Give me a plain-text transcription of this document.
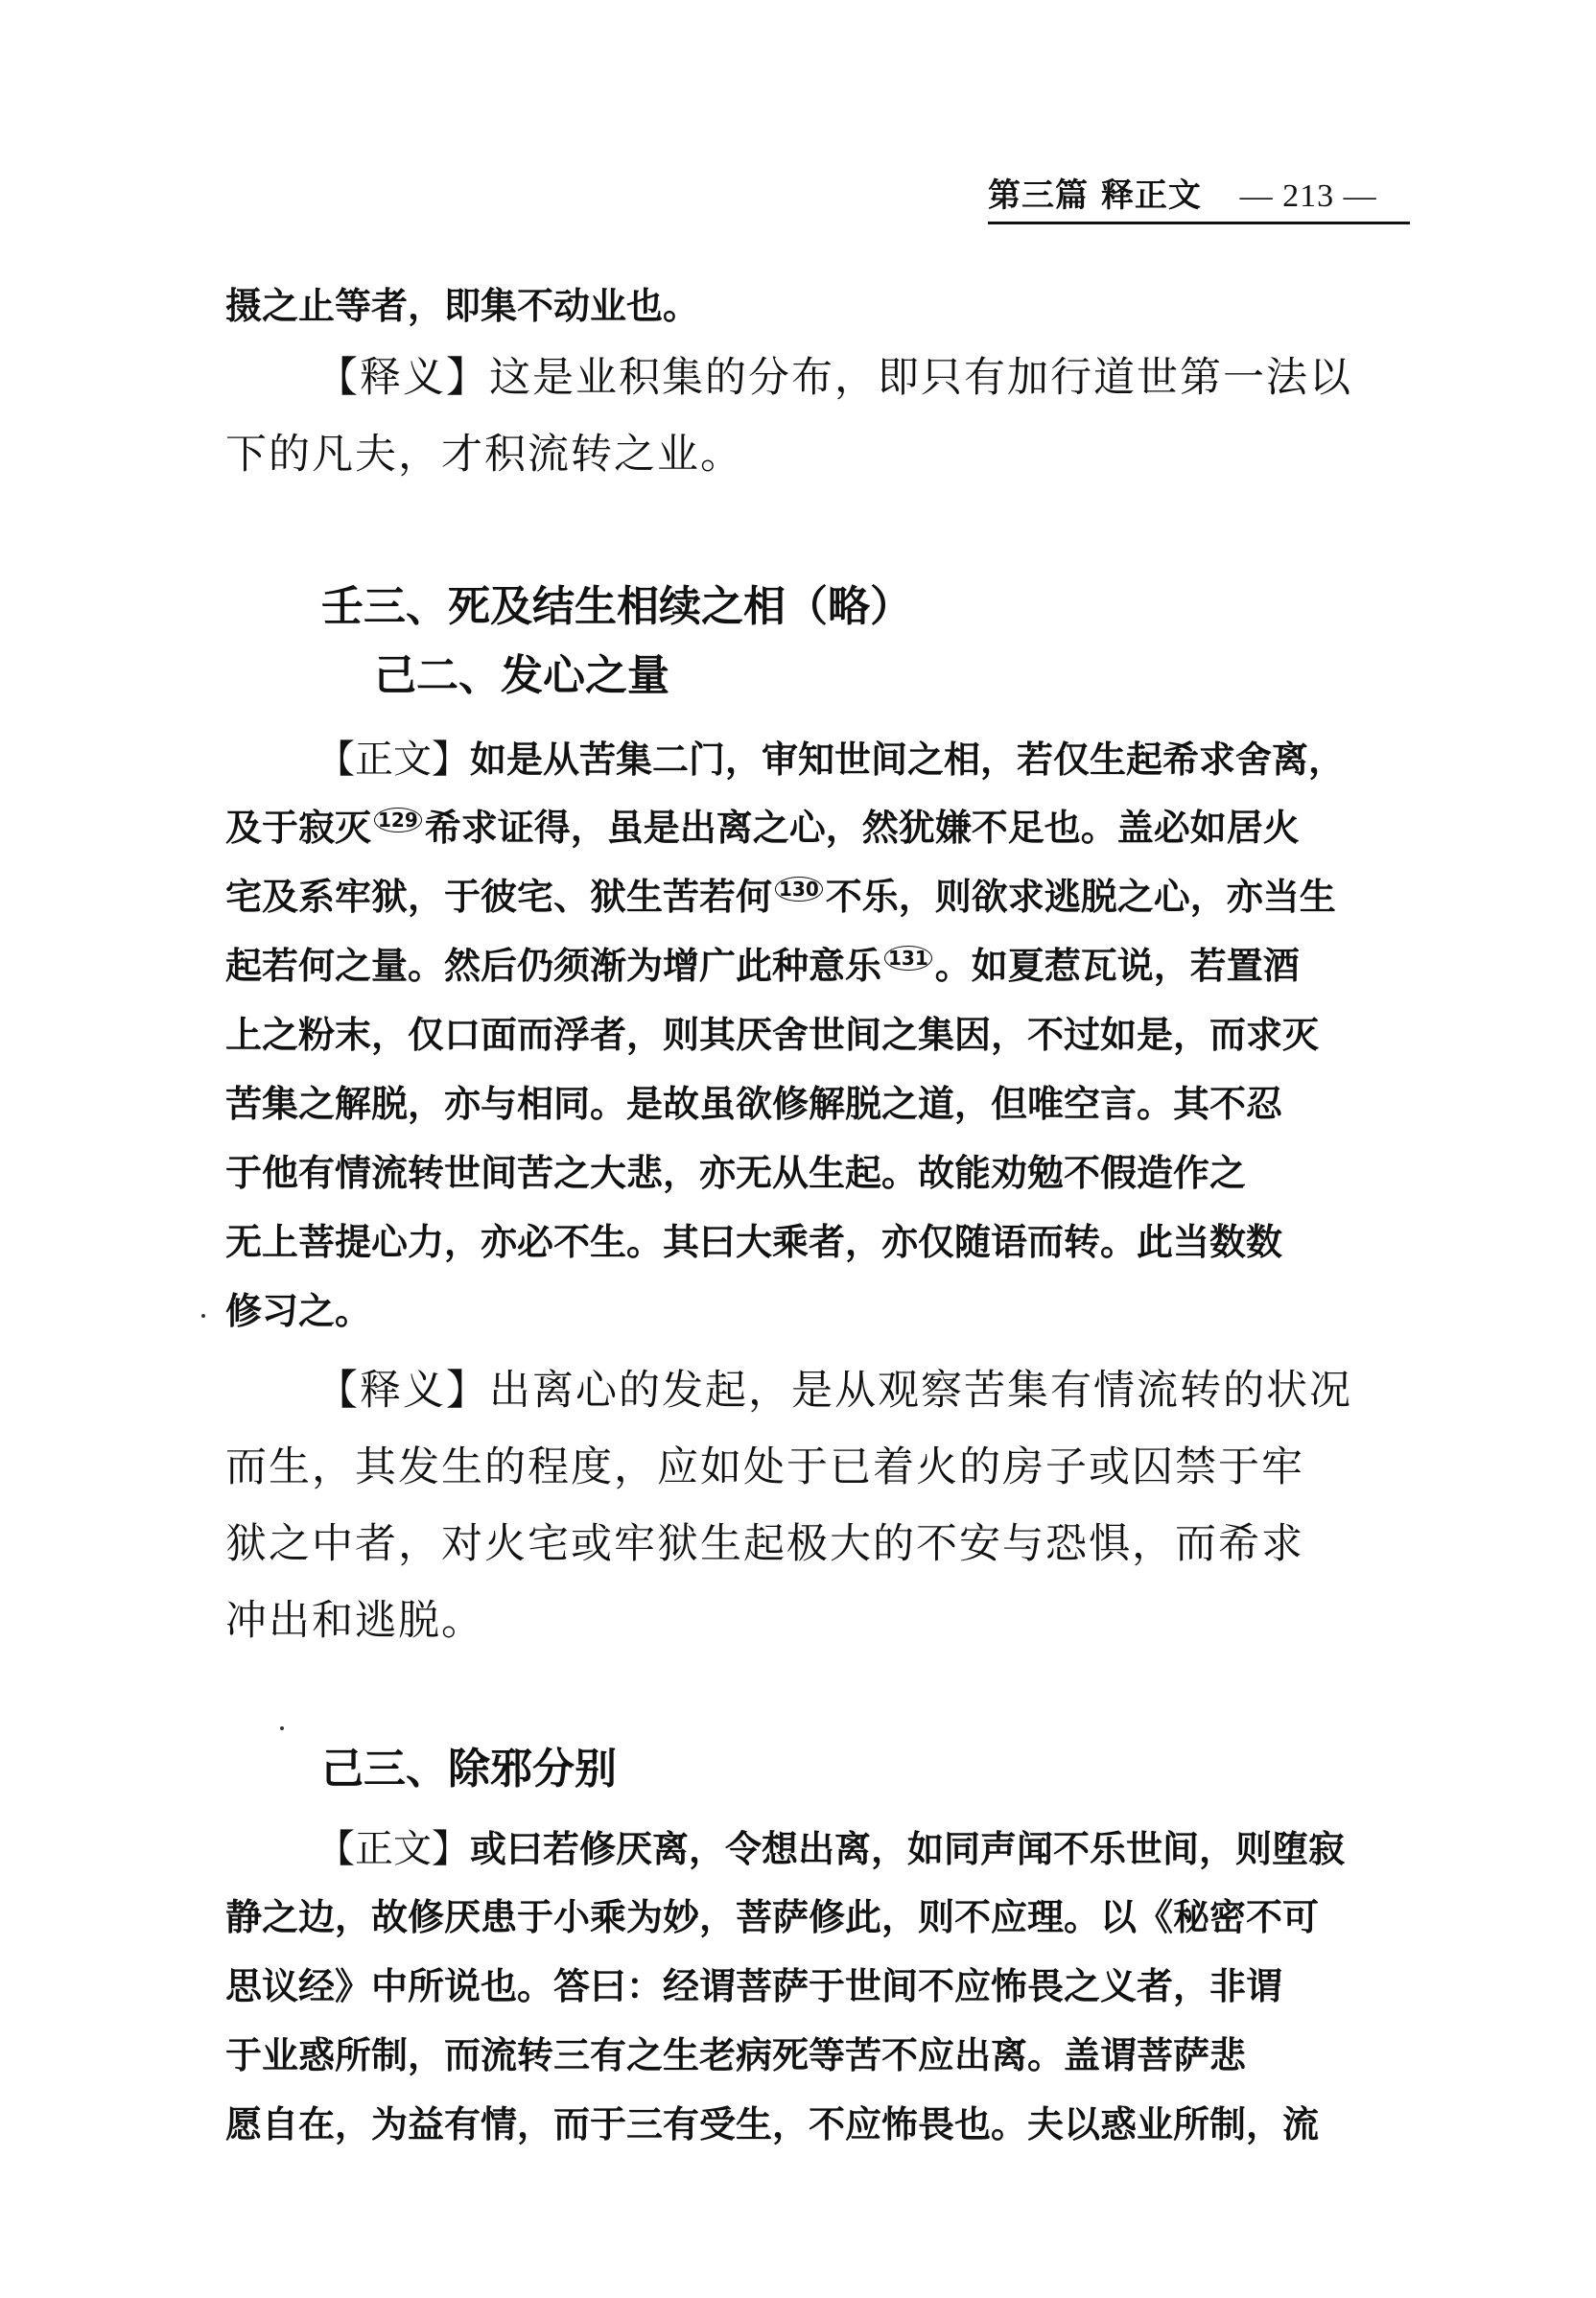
第三篇 释正文 — 213 —

摄之止等者，即集不动业也。

【释义】这是业积集的分布，即只有加行道世第一法以

下的凡夫，才积流转之业。

壬三、死及结生相续之相（略）
己二、发心之量

【正文】如是从苦集二门，审知世间之相，若仅生起希求舍离，

及于寂灭 $^{129}$ 希求证得，虽是出离之心，然犹嫌不足也。盖必如居火

宅及系牢狱，于彼宅、狱生苦若何 $^{130}$ 不乐，则欲求逃脱之心，亦当生

起若何之量。然后仍须渐为增广此种意乐 $^{131}$ 。如夏惹瓦说，若置酒

上之粉末，仅口面而浮者，则其厌舍世间之集因，不过如是，而求灭

苦集之解脱，亦与相同。是故虽欲修解脱之道，但唯空言。其不忍

于他有情流转世间苦之大悲，亦无从生起。故能劝勉不假造作之

无上菩提心力，亦必不生。其曰大乘者，亦仅随语而转。此当数数

修习之。

【释义】出离心的发起，是从观察苦集有情流转的状况

而生，其发生的程度，应如处于已着火的房子或囚禁于牢

狱之中者，对火宅或牢狱生起极大的不安与恐惧，而希求

冲出和逃脱。

己三、除邪分别

【正文】或曰若修厌离，令想出离，如同声闻不乐世间，则堕寂

静之边，故修厌患于小乘为妙，菩萨修此，则不应理。以《秘密不可

思议经》中所说也。答曰：经谓菩萨于世间不应怖畏之义者，非谓

于业惑所制，而流转三有之生老病死等苦不应出离。盖谓菩萨悲

愿自在，为益有情，而于三有受生，不应怖畏也。夫以惑业所制，流
